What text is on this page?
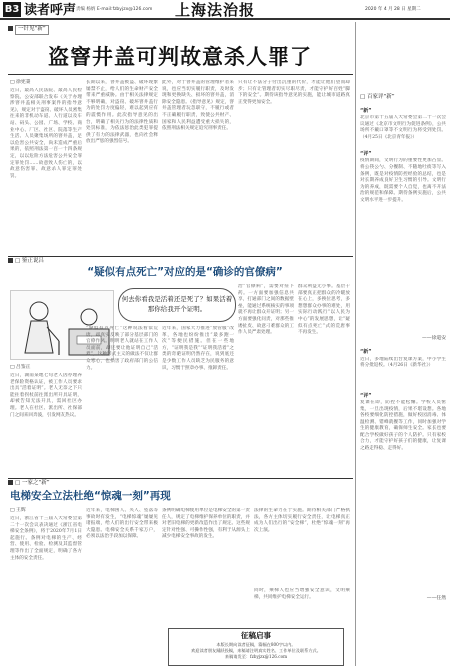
B3 读者呼声 责编 杨炳 E-mail:fzbyjzx@126.com 上海法治报	2020 年 4 月 28 日 星期二
一针见“新”
盗窨井盖可判故意杀人罪了
□ 徐宪秉
近日，最高人民法院、最高人民检察院、公安部联合发布《关于办理涉窨井盖相关刑事案件的指导意见》，规定对于盗窃、破坏人员密集往来的非机动车道、人行道以及车站、码头、公园、广场、学校、商业中心、厂区、社区、院落等生产生活、人员聚集场所的窨井盖，足以危害公共安全，尚未造成严重后果的，依照刑法第一百一十四条规定，以以危险方法危害公共安全罪定罪处罚……故意致人伤亡的，以故意伤害罪、故意杀人罪定罪处罚。
长期以来，窨井盖被盗、破坏现象屡禁不止，给人们的生命财产安全带来严重威胁。由于相关法律规定不够明确，对盗窃、破坏窨井盖行为的处罚力度偏轻，难以起到应有的震慑作用。此次指导意见的出台，明确了相关行为的法律性质和处罚标准，为依法惩治此类犯罪提供了有力的法律武器，也向社会释放出严惩的强烈信号。
此外，对于窨井盖的管理维护者来说，也应当切实履行职责，及时发现和更换缺失、损坏的窨井盖，消除安全隐患。《指导意见》规定，窨井盖管理者玩忽职守，不履行或者不正确履行职责，致使公共财产、国家和人民利益遭受重大损失的，依照刑法相关规定追究刑事责任。
只有让不法分子付出沉重的代价，才能让他们望而却步；只有让管理者切实尽职尽责，才能守护好百姓“脚下的安全”。期待该指导意见的实施，能让城市道路真正变得更加安全。
□ 鉴正说吕
“疑似有点死亡”对应的是“确诊的官僚病”
何去你看我是活着还是死了？如果活着那你给我开个证明。
□ 吕鉴正
近日，湖南某地七旬老人因办理养老保险资格认证，被工作人员要求出具“活着证明”。老人无奈之下只能拄着拐杖前往派出所开具证明，却被告知无法开具，需回社区办理。老人在社区、派出所、社保部门之间来回奔波，引发网友热议。
“疑似有点死亡”这种说法看似荒唐，却真实反映了部分基层部门的官僚作风。明明老人就站在工作人员面前，却还要让他证明自己“活着”，这种形式主义的做法不仅让群众寒心，也损害了政府部门的公信力。
近年来，国家大力推进“放管服”改革，各地也纷纷推出“最多跑一次”等便民措施。但在一些地方，“证明我是我”“证明我活着”之类的奇葩证明仍然存在，说到底还是少数工作人员缺乏为民服务的意识，习惯于照章办事、推卸责任。
治“官僚病”，需要对症下药。一方面要加强信息共享，打通部门之间的数据壁垒，能通过系统核实的事项就不再让群众开证明；另一方面要强化问责，对那些推诿扯皮、故意刁难群众的工作人员严肃处理。
群众利益无小事。基层干部要真正把群众的冷暖放在心上，多换位思考，多想想群众办事的难处，用实际行动践行“以人民为中心”的发展思想，让“疑似有点死亡”式的荒唐事不再发生。
□ 一家之“新”
电梯安全立法杜绝“惊魂一刻”再现
□ 王辉
近日，浙江省十三届人大常委会第二十一次会议表决通过《浙江省电梯安全条例》，将于2020年7月1日起施行。条例对电梯的生产、经营、使用、检验、检测及其监督管理等作出了全面规定，明确了各方主体的安全责任。
近年来，电梯困人、夹人、坠落等事故时有发生，“电梯惊魂”屡屡见诸报端，给人们的出行安全带来极大隐患。电梯安全关系千家万户，必须以法治手段加以保障。
条例明确电梯使用单位是电梯安全的第一责任人，规定了电梯维护保养单位的职责，并对老旧电梯的更新改造作出了规定。这些规定针对性强、可操作性强，有利于从源头上减少电梯安全事故的发生。
法律的生命力在于实施。期待相关部门严格执法，各方主体切实履行安全责任，让电梯真正成为人们出行的“安全梯”，杜绝“惊魂一刻”再次上演。
同时，乘梯人也应当增强安全意识，文明乘梯，共同维护电梯安全运行。
征稿启事
本版长期向读者征稿，篇幅在800字以内。
欢迎读者朋友踊跃投稿，来稿请注明真实姓名、工作单位及联系方式。
来稿请发至：fzbyjzx@126.com
□ 百家评“新”
“新”
北京市第十五届人大常委会第二十一次会议通过《北京市文明行为促进条例》，公共场所不戴口罩等不文明行为将受到处罚。（4月25日《北京青年报》）
“评”
疫情期间，文明行为的重要性更加凸显。将公筷公勺、分餐制、不随地吐痰等写入条例，既是对疫情防控经验的总结，也是对长期养成良好卫生习惯的引导。文明行为的养成，既需要个人自觉，也离不开法治的规范和保障。期待条例实施后，公共文明水平进一步提升。
——徐道安
“新”
近日，多地陆续出台复课方案，中小学生将分批返校。（4月26日《新华社》）
“评”
复课在即，防控不能松懈。学校人员密集，一旦出现疫情，后果不堪设想。各地各校要细化防控措施，做好校园消毒、体温检测、错峰就餐等工作，同时加强对学生的健康教育，确保师生安全。家长也要配合学校做好孩子的个人防护。只有家校合力，才能守护好孩子们的健康，让复课之路走得稳、走得好。
——任然
